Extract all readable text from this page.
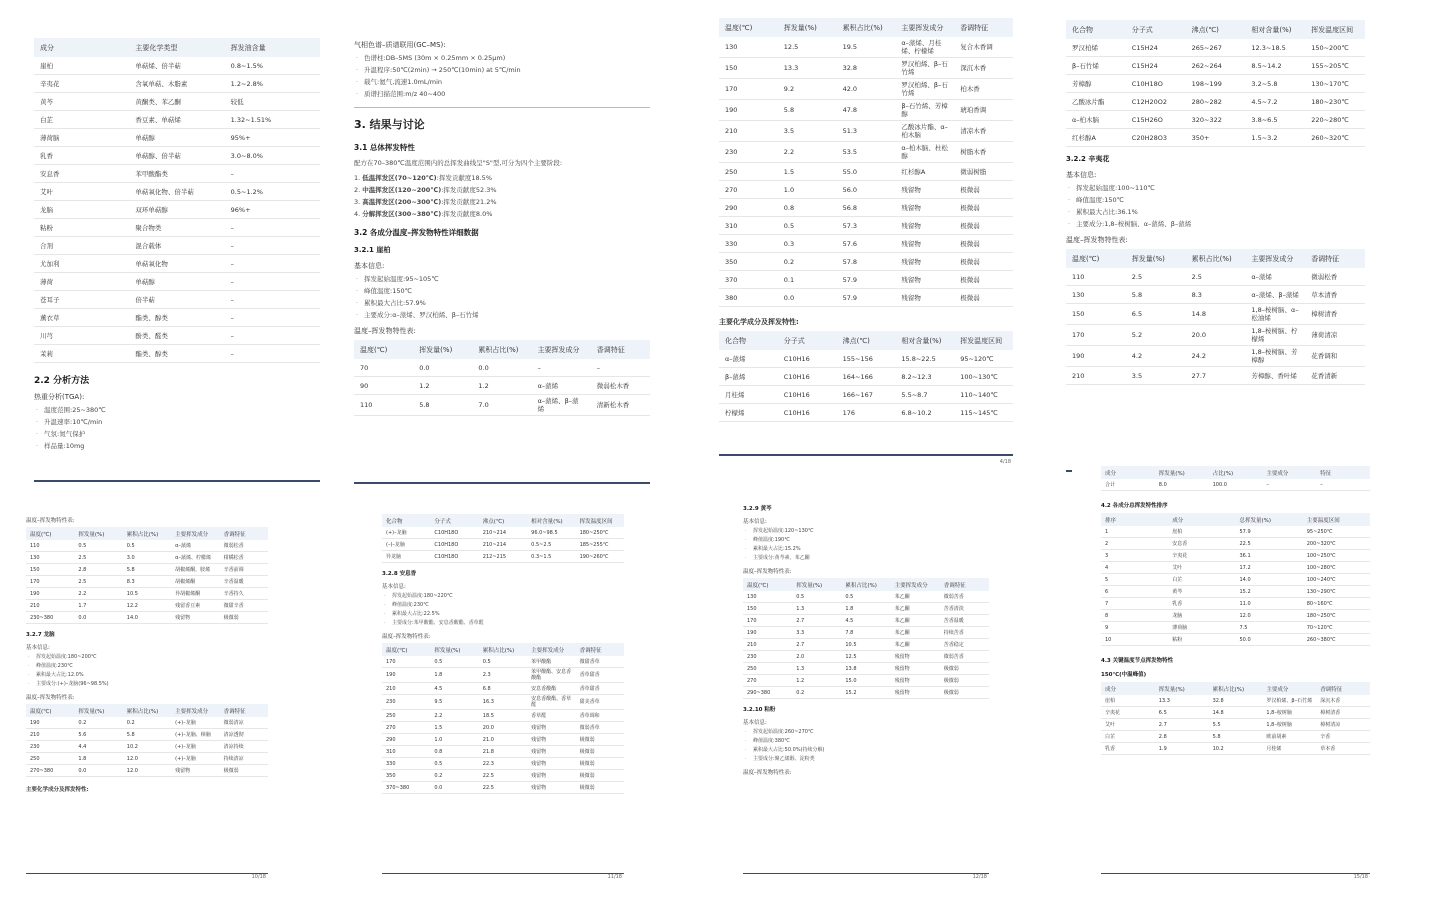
成分	主要化学类型	挥发油含量
崖柏	单萜烯、倍半萜	0.8~1.5%
辛夷花	含氧单萜、木脂素	1.2~2.8%
黄芩	黄酮类、苯乙酮	较低
白芷	香豆素、单萜烯	1.32~1.51%
薄荷脑	单萜醇	95%+
乳香	单萜醇、倍半萜	3.0~8.0%
安息香	苯甲酸酯类	–
艾叶	单萜氧化物、倍半萜	0.5~1.2%
龙脑	双环单萜醇	96%+
粘粉	聚合物类	–
合剂	混合载体	–
尤加利	单萜氧化物	–
薄荷	单萜醇	–
苍耳子	倍半萜	–
薰衣草	酯类、醇类	–
川芎	酚类、醛类	–
茉莉	酯类、醇类	–
2.2 分析方法
热重分析(TGA):
· 温度范围:25~380℃
· 升温速率:10℃/min
· 气氛:氮气保护
· 样品量:10mg
气相色谱–质谱联用(GC–MS):
· 色谱柱:DB–5MS (30m × 0.25mm × 0.25μm)
· 升温程序:50℃(2min) → 250℃(10min) at 5℃/min
· 载气:氦气,流速1.0mL/min
· 质谱扫描范围:m/z 40~400
3. 结果与讨论
3.1 总体挥发特性
配方在70–380℃温度范围内的总挥发曲线呈"S"型,可分为四个主要阶段:
1. 低温挥发区(70~120℃):挥发贡献度18.5%
2. 中温挥发区(120~200℃):挥发贡献度52.3%
3. 高温挥发区(200~300℃):挥发贡献度21.2%
4. 分解挥发区(300~380℃):挥发贡献度8.0%
3.2 各成分温度–挥发物特性详细数据
3.2.1 崖柏
基本信息:
· 挥发起始温度:95~105℃
· 峰值温度:150℃
· 累积最大占比:57.9%
· 主要成分:α–蒎烯、罗汉柏烯、β–石竹烯
温度–挥发物特性表:
温度(℃)	挥发量(%)	累积占比(%)	主要挥发成分	香调特征
70	0.0	0.0	–	–
90	1.2	1.2	α–蒎烯	微弱松木香
110	5.8	7.0	α–蒎烯、β–蒎烯	清新松木香
温度(℃)	挥发量(%)	累积占比(%)	主要挥发成分	香调特征
130	12.5	19.5	α–蒎烯、月桂烯、柠檬烯	复合木香调
150	13.3	32.8	罗汉柏烯、β–石竹烯	深沉木香
170	9.2	42.0	罗汉柏烯、β–石竹烯	柏木香
190	5.8	47.8	β–石竹烯、芳樟醇	琥珀香调
210	3.5	51.3	乙酸冰片酯、α–柏木脑	清凉木香
230	2.2	53.5	α–柏木脑、杜松醇	树脂木香
250	1.5	55.0	红杉醇A	微弱树脂
270	1.0	56.0	残留物	极微弱
290	0.8	56.8	残留物	极微弱
310	0.5	57.3	残留物	极微弱
330	0.3	57.6	残留物	极微弱
350	0.2	57.8	残留物	极微弱
370	0.1	57.9	残留物	极微弱
380	0.0	57.9	残留物	极微弱
主要化学成分及挥发特性:
化合物	分子式	沸点(℃)	相对含量(%)	挥发温度区间
α–蒎烯	C10H16	155~156	15.8~22.5	95~120℃
β–蒎烯	C10H16	164~166	8.2~12.3	100~130℃
月桂烯	C10H16	166~167	5.5~8.7	110~140℃
柠檬烯	C10H16	176	6.8~10.2	115~145℃
4/18
化合物	分子式	沸点(℃)	相对含量(%)	挥发温度区间
罗汉柏烯	C15H24	265~267	12.3~18.5	150~200℃
β–石竹烯	C15H24	262~264	8.5~14.2	155~205℃
芳樟醇	C10H18O	198~199	3.2~5.8	130~170℃
乙酸冰片酯	C12H20O2	280~282	4.5~7.2	180~230℃
α–柏木脑	C15H26O	320~322	3.8~6.5	220~280℃
红杉醇A	C20H28O3	350+	1.5~3.2	260~320℃
3.2.2 辛夷花
基本信息:
· 挥发起始温度:100~110℃
· 峰值温度:150℃
· 累积最大占比:36.1%
· 主要成分:1,8–桉树脑、α–蒎烯、β–蒎烯
温度–挥发物特性表:
温度(℃)	挥发量(%)	累积占比(%)	主要挥发成分	香调特征
110	2.5	2.5	α–蒎烯	微弱松香
130	5.8	8.3	α–蒎烯、β–蒎烯	草本清香
150	6.5	14.8	1,8–桉树脑、α–松油烯	樟树清香
170	5.2	20.0	1,8–桉树脑、柠檬烯	薄荷清凉
190	4.2	24.2	1,8–桉树脑、芳樟醇	花香调和
210	3.5	27.7	芳樟醇、香叶烯	花香清新
温度–挥发物特性表:
温度(℃)	挥发量(%)	累积占比(%)	主要挥发成分	香调特征
110	0.5	0.5	α–蒎烯	微弱松香
130	2.5	3.0	α–蒎烯、柠檬烯	柑橘松香
150	2.8	5.8	胡椒烯酮、胺烯	辛香前调
170	2.5	8.3	胡椒烯酮	辛香温暖
190	2.2	10.5	异胡椒烯酮	辛香持久
210	1.7	12.2	残留香豆素	微甜辛香
230~380	0.0	14.0	残留物	极微弱
3.2.7 龙脑
基本信息:
· 挥发起始温度:180~200℃
· 峰值温度:230℃
· 累积最大占比:12.0%
· 主要成分:(+)–龙脑(96~98.5%)
温度–挥发物特性表:
温度(℃)	挥发量(%)	累积占比(%)	主要挥发成分	香调特征
190	0.2	0.2	(+)–龙脑	微弱清凉
210	5.6	5.8	(+)–龙脑、樟脑	清凉透彻
230	4.4	10.2	(+)–龙脑	清凉持续
250	1.8	12.0	(+)–龙脑	持续清凉
270~380	0.0	12.0	残留物	极微弱
主要化学成分及挥发特性:
10/18
化合物	分子式	沸点(℃)	相对含量(%)	挥发温度区间
(+)–龙脑	C10H18O	210~214	96.0~98.5	180~250℃
(–)–龙脑	C10H18O	210~214	0.5~2.5	185~255℃
异龙脑	C10H18O	212~215	0.3~1.5	190~260℃
3.2.8 安息香
基本信息:
· 挥发起始温度:180~220℃
· 峰值温度:230℃
· 累积最大占比:22.5%
· 主要成分:苯甲酸酯、安息香酸酯、香草醛
温度–挥发物特性表:
温度(℃)	挥发量(%)	累积占比(%)	主要挥发成分	香调特征
170	0.5	0.5	苯甲酸酯	微甜香草
190	1.8	2.3	苯甲酸酯、安息香酸酯	香草甜香
210	4.5	6.8	安息香酸酯	香草甜香
230	9.5	16.3	安息香酸酯、香草醛	甜美香草
250	2.2	18.5	香草醛	香草调和
270	1.5	20.0	残留物	微弱香草
290	1.0	21.0	残留物	极微弱
310	0.8	21.8	残留物	极微弱
330	0.5	22.3	残留物	极微弱
350	0.2	22.5	残留物	极微弱
370~380	0.0	22.5	残留物	极微弱
11/18
3.2.9 黄芩
基本信息:
· 挥发起始温度:120~130℃
· 峰值温度:190℃
· 累积最大占比:15.2%
· 主要成分:黄芩素、苯乙酮
温度–挥发物特性表:
温度(℃)	挥发量(%)	累积占比(%)	主要挥发成分	香调特征
130	0.5	0.5	苯乙酮	微弱苦香
150	1.3	1.8	苯乙酮	苦香清淡
170	2.7	4.5	苯乙酮	苦香温暖
190	3.3	7.8	苯乙酮	持续苦香
210	2.7	10.5	苯乙酮	苦香稳定
230	2.0	12.5	残留物	微弱苦香
250	1.3	13.8	残留物	极微弱
270	1.2	15.0	残留物	极微弱
290~380	0.2	15.2	残留物	极微弱
3.2.10 粘粉
基本信息:
· 挥发起始温度:260~270℃
· 峰值温度:380℃
· 累积最大占比:50.0%(持续分解)
· 主要成分:聚乙烯醇、淀粉类
温度–挥发物特性表:
12/18
成分	挥发量(%)	占比(%)	主要成分	特征
合计	8.0	100.0	–	–
4.2 各成分总挥发特性排序
排序	成分	总挥发量(%)	主要温度区间
1	崖柏	57.9	95~250℃
2	安息香	22.5	200~320℃
3	辛夷花	36.1	100~250℃
4	艾叶	17.2	100~280℃
5	白芷	14.0	100~240℃
6	黄芩	15.2	130~290℃
7	乳香	11.0	80~160℃
8	龙脑	12.0	180~250℃
9	薄荷脑	7.5	70~120℃
10	粘粉	50.0	260~380℃
4.3 关键温度节点挥发物特性
150℃(中温峰值)
成分	挥发量(%)	累积占比(%)	主要成分	香调特征
崖柏	13.3	32.8	罗汉柏烯、β–石竹烯	深沉木香
辛夷花	6.5	14.8	1,8–桉树脑	樟树清香
艾叶	2.7	5.5	1,8–桉树脑	樟树清凉
白芷	2.8	5.8	欧前胡素	辛香
乳香	1.9	10.2	月桂烯	草本香
15/18
